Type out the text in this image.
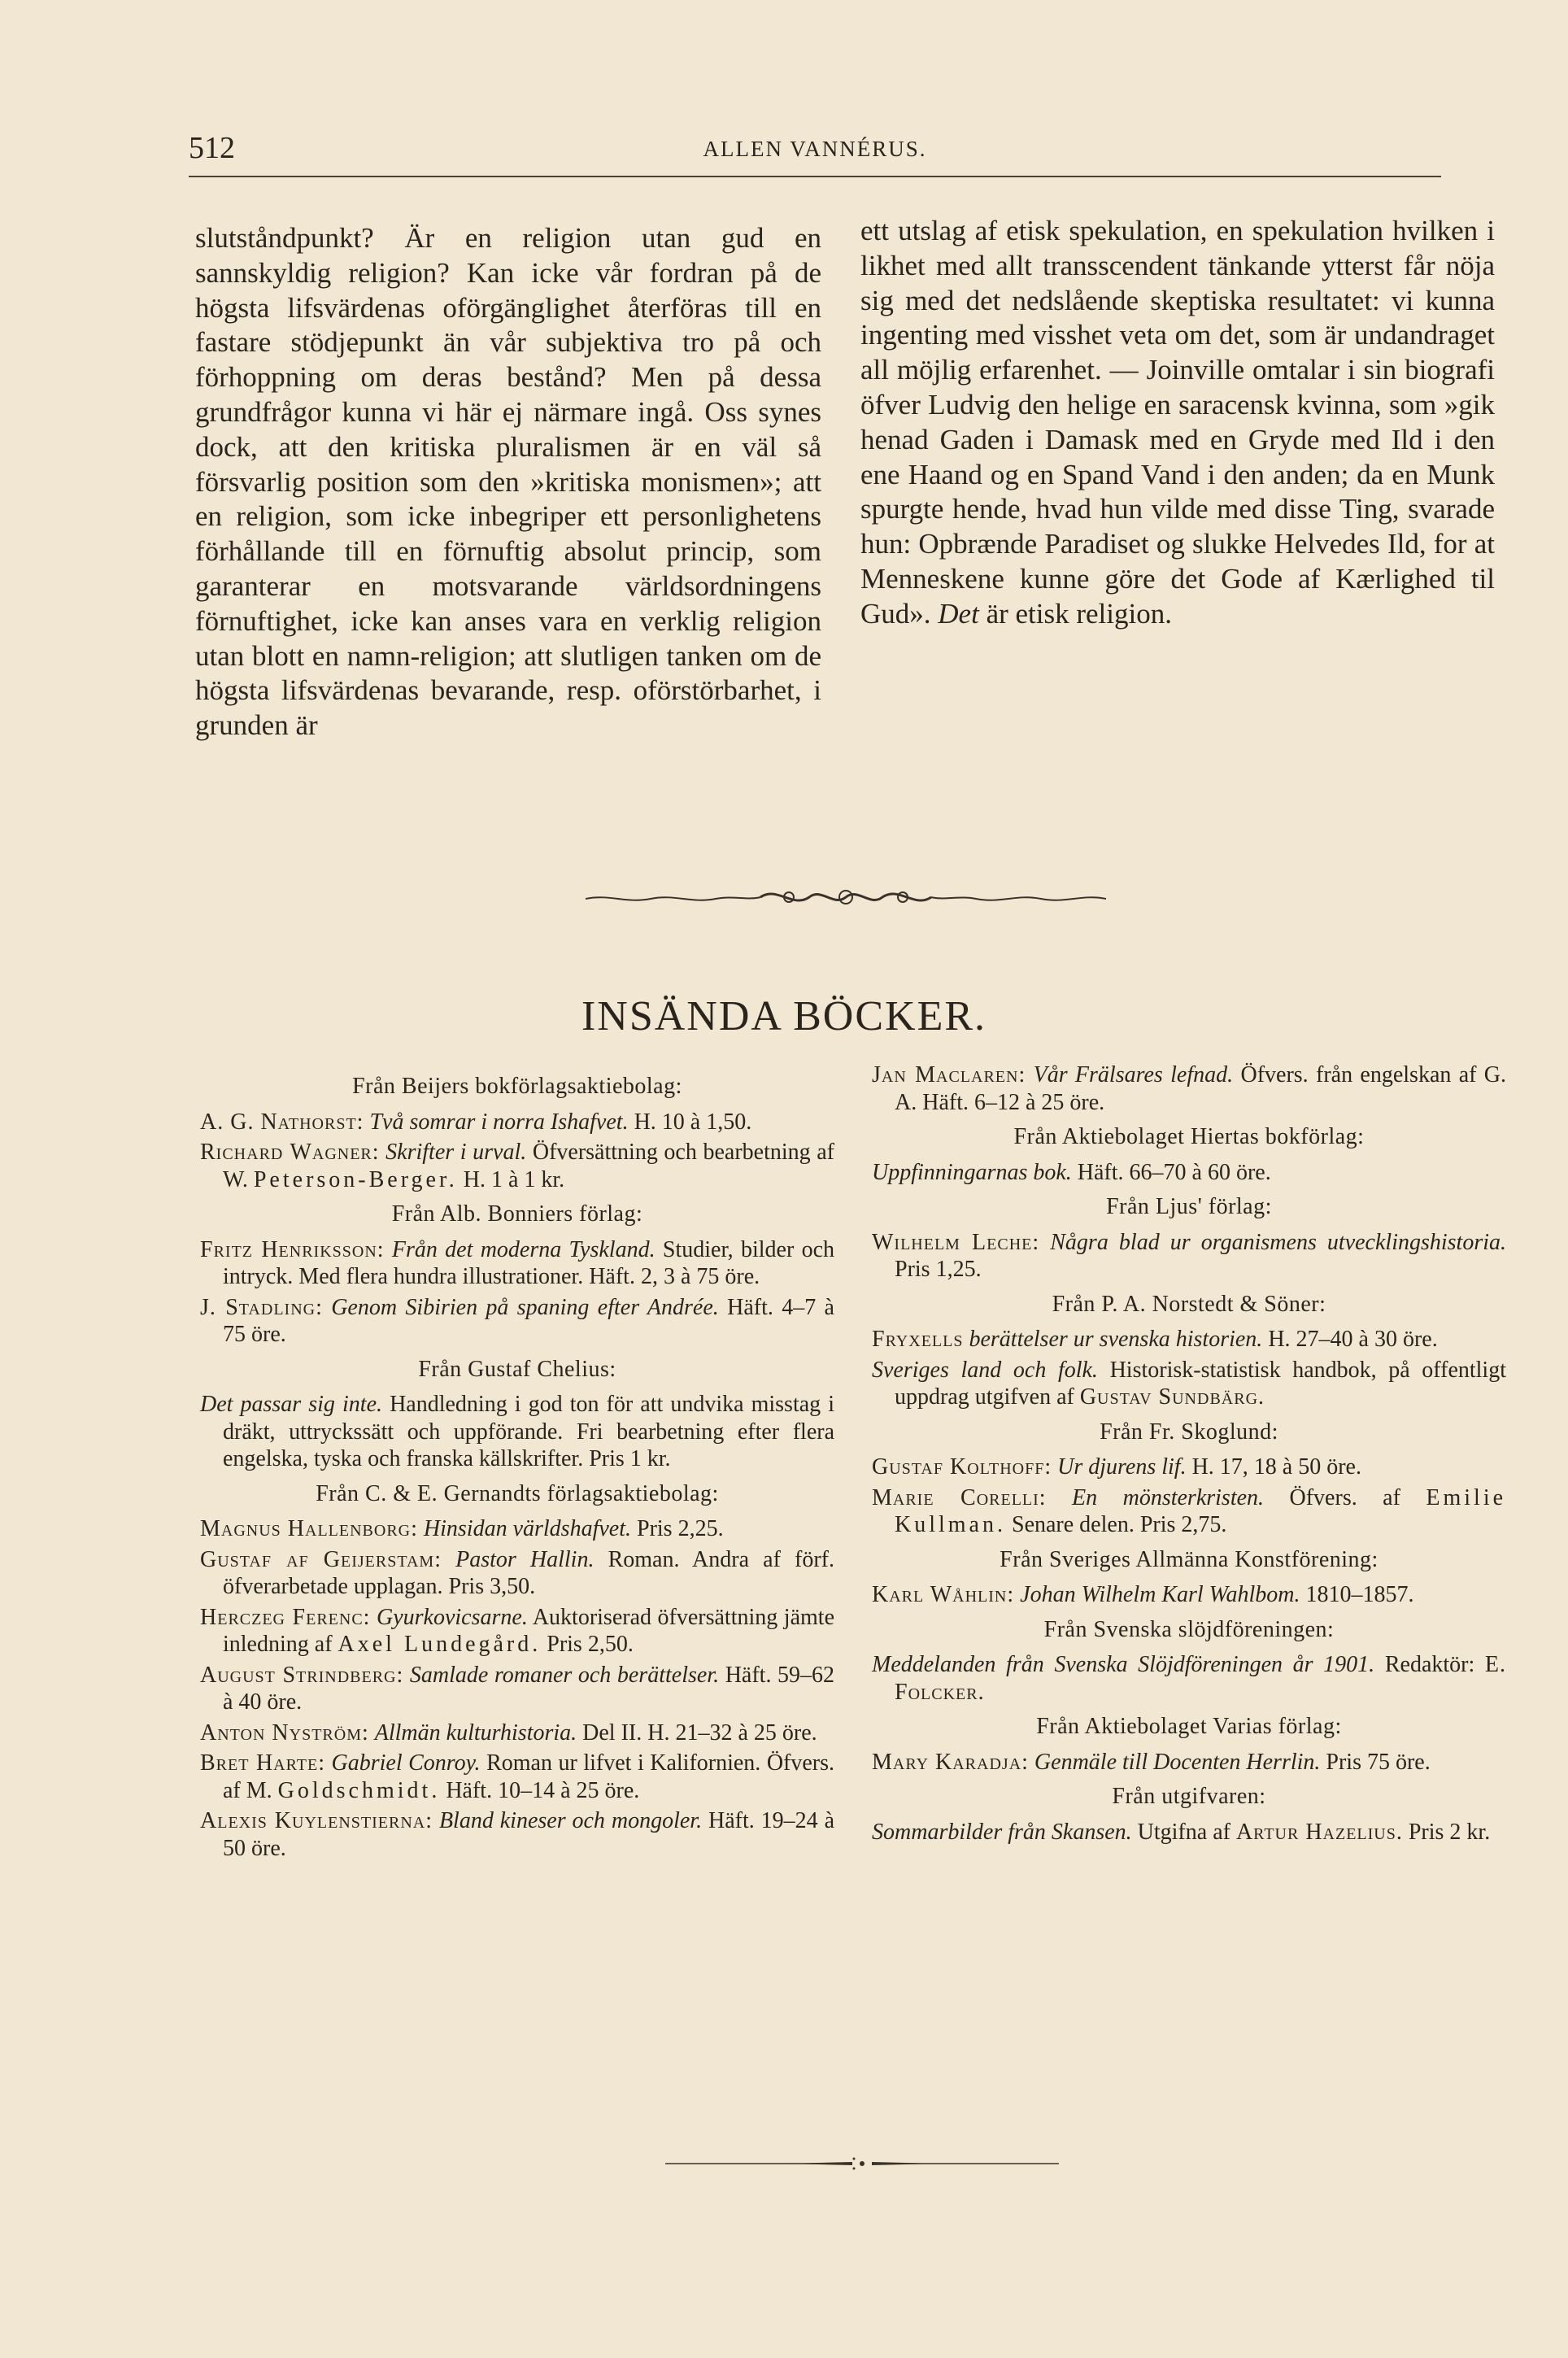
512	ALLEN VANNÉRUS.

slutståndpunkt? Är en religion utan gud en sannskyldig religion? Kan icke vår fordran på de högsta lifsvärdenas oförgänglighet återföras till en fastare stödjepunkt än vår subjektiva tro på och förhoppning om deras bestånd? Men på dessa grundfrågor kunna vi här ej närmare ingå. Oss synes dock, att den kritiska pluralismen är en väl så försvarlig position som den »kritiska monismen»; att en religion, som icke inbegriper ett personlighetens förhållande till en förnuftig absolut princip, som garanterar en motsvarande världsordningens förnuftighet, icke kan anses vara en verklig religion utan blott en namn-religion; att slutligen tanken om de högsta lifsvärdenas bevarande, resp. oförstörbarhet, i grunden är

ett utslag af etisk spekulation, en spekulation hvilken i likhet med allt transscendent tänkande ytterst får nöja sig med det nedslående skeptiska resultatet: vi kunna ingenting med visshet veta om det, som är undandraget all möjlig erfarenhet. — Joinville omtalar i sin biografi öfver Ludvig den helige en saracensk kvinna, som »gik henad Gaden i Damask med en Gryde med Ild i den ene Haand og en Spand Vand i den anden; da en Munk spurgte hende, hvad hun vilde med disse Ting, svarade hun: Opbrænde Paradiset og slukke Helvedes Ild, for at Menneskene kunne göre det Gode af Kærlighed til Gud». Det är etisk religion.

INSÄNDA BÖCKER.
Från Beijers bokförlagsaktiebolag:
A. G. Nathorst: Två somrar i norra Ishafvet. H. 10 à 1,50.
Richard Wagner: Skrifter i urval. Öfversättning och bearbetning af W. Peterson-Berger. H. 1 à 1 kr.
Från Alb. Bonniers förlag:
Fritz Henriksson: Från det moderna Tyskland. Studier, bilder och intryck. Med flera hundra illustrationer. Häft. 2, 3 à 75 öre.
J. Stadling: Genom Sibirien på spaning efter Andrée. Häft. 4–7 à 75 öre.
Från Gustaf Chelius:
Det passar sig inte. Handledning i god ton för att undvika misstag i dräkt, uttryckssätt och uppförande. Fri bearbetning efter flera engelska, tyska och franska källskrifter. Pris 1 kr.
Från C. & E. Gernandts förlagsaktiebolag:
Magnus Hallenborg: Hinsidan världshafvet. Pris 2,25.
Gustaf af Geijerstam: Pastor Hallin. Roman. Andra af förf. öfverarbetade upplagan. Pris 3,50.
Herczeg Ferenc: Gyurkovicsarne. Auktoriserad öfversättning jämte inledning af Axel Lundegård. Pris 2,50.
August Strindberg: Samlade romaner och berättelser. Häft. 59–62 à 40 öre.
Anton Nyström: Allmän kulturhistoria. Del II. H. 21–32 à 25 öre.
Bret Harte: Gabriel Conroy. Roman ur lifvet i Kalifornien. Öfvers. af M. Goldschmidt. Häft. 10–14 à 25 öre.
Alexis Kuylenstierna: Bland kineser och mongoler. Häft. 19–24 à 50 öre.
Jan Maclaren: Vår Frälsares lefnad. Öfvers. från engelskan af G. A. Häft. 6–12 à 25 öre.
Från Aktiebolaget Hiertas bokförlag:
Uppfinningarnas bok. Häft. 66–70 à 60 öre.
Från Ljus' förlag:
Wilhelm Leche: Några blad ur organismens utvecklingshistoria. Pris 1,25.
Från P. A. Norstedt & Söner:
Fryxells berättelser ur svenska historien. H. 27–40 à 30 öre.
Sveriges land och folk. Historisk-statistisk handbok, på offentligt uppdrag utgifven af Gustav Sundbärg.
Från Fr. Skoglund:
Gustaf Kolthoff: Ur djurens lif. H. 17, 18 à 50 öre.
Marie Corelli: En mönsterkristen. Öfvers. af Emilie Kullman. Senare delen. Pris 2,75.
Från Sveriges Allmänna Konstförening:
Karl Wåhlin: Johan Wilhelm Karl Wahlbom. 1810–1857.
Från Svenska slöjdföreningen:
Meddelanden från Svenska Slöjdföreningen år 1901. Redaktör: E. Folcker.
Från Aktiebolaget Varias förlag:
Mary Karadja: Genmäle till Docenten Herrlin. Pris 75 öre.
Från utgifvaren:
Sommarbilder från Skansen. Utgifna af Artur Hazelius. Pris 2 kr.
